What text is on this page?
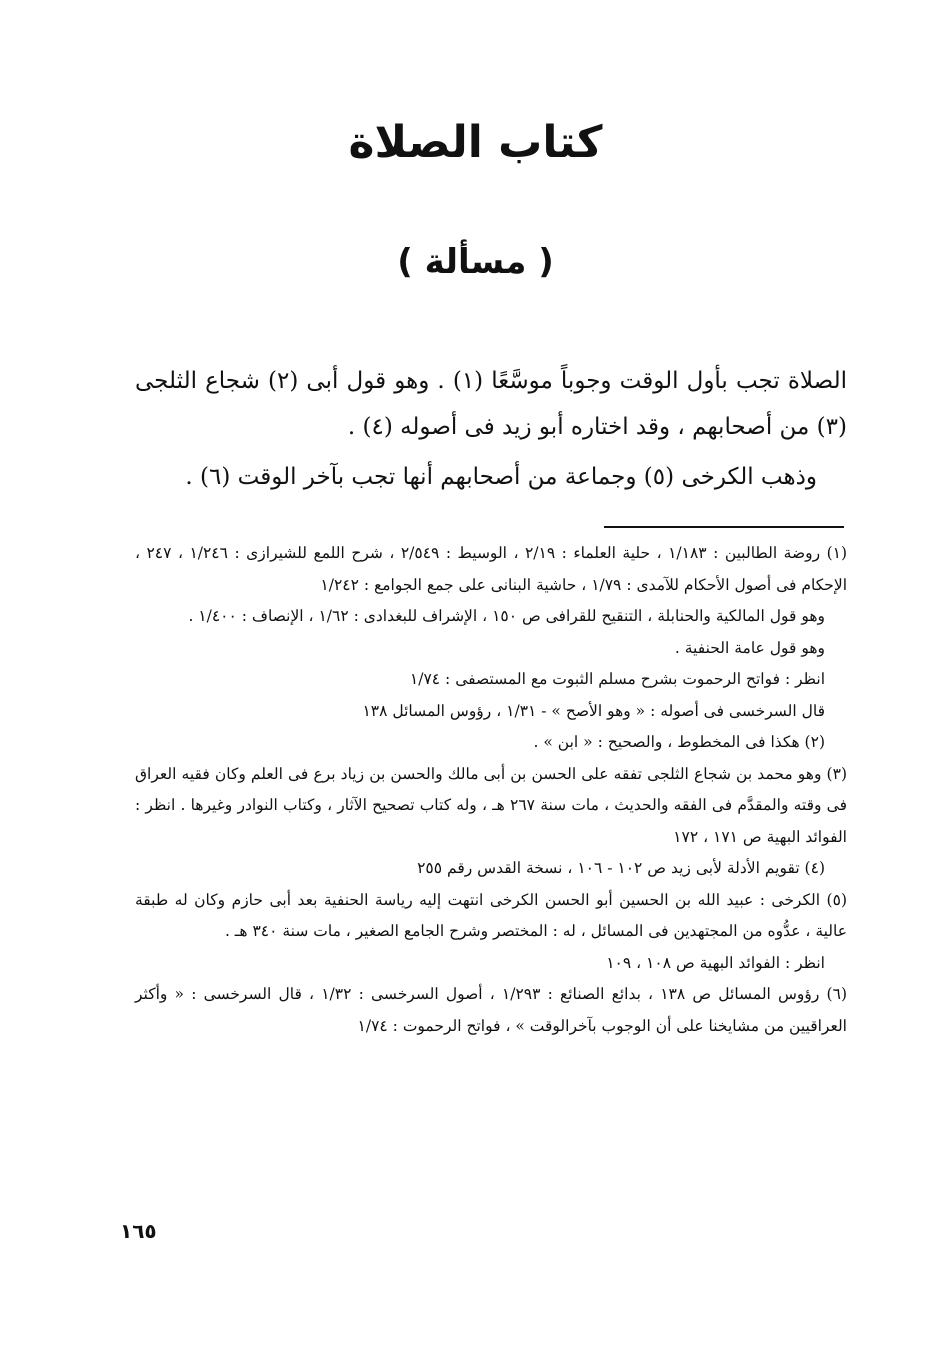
كتاب الصلاة
( مسألة )

الصلاة تجب بأول الوقت وجوباً موسَّعًا (١) . وهو قول أبى (٢) شجاع الثلجى (٣) من أصحابهم ، وقد اختاره أبو زيد فى أصوله (٤) .

وذهب الكرخى (٥) وجماعة من أصحابهم أنها تجب بآخر الوقت (٦) .

(١) روضة الطالبين : ١/١٨٣ ، حلية العلماء : ٢/١٩ ، الوسيط : ٢/٥٤٩ ، شرح اللمع للشيرازى : ١/٢٤٦ ، ٢٤٧ ، الإحكام فى أصول الأحكام للآمدى : ١/٧٩ ، حاشية البنانى على جمع الجوامع : ١/٢٤٢

وهو قول المالكية والحنابلة ، التنقيح للقرافى ص ١٥٠ ، الإشراف للبغدادى : ١/٦٢ ، الإنصاف : ١/٤٠٠ .

وهو قول عامة الحنفية .

انظر : فواتح الرحموت بشرح مسلم الثبوت مع المستصفى : ١/٧٤

قال السرخسى فى أصوله : « وهو الأصح » - ١/٣١ ، رؤوس المسائل ١٣٨

(٢) هكذا فى المخطوط ، والصحيح : « ابن » .

(٣) وهو محمد بن شجاع الثلجى تفقه على الحسن بن أبى مالك والحسن بن زياد برع فى العلم وكان فقيه العراق فى وقته والمقدَّم فى الفقه والحديث ، مات سنة ٢٦٧ هـ ، وله كتاب تصحيح الآثار ، وكتاب النوادر وغيرها . انظر : الفوائد البهية ص ١٧١ ، ١٧٢

(٤) تقويم الأدلة لأبى زيد ص ١٠٢ - ١٠٦ ، نسخة القدس رقم ٢٥٥

(٥) الكرخى : عبيد الله بن الحسين أبو الحسن الكرخى انتهت إليه رياسة الحنفية بعد أبى حازم وكان له طبقة عالية ، عدُّوه من المجتهدين فى المسائل ، له : المختصر وشرح الجامع الصغير ، مات سنة ٣٤٠ هـ .

انظر : الفوائد البهية ص ١٠٨ ، ١٠٩

(٦) رؤوس المسائل ص ١٣٨ ، بدائع الصنائع : ١/٢٩٣ ، أصول السرخسى : ١/٣٢ ، قال السرخسى : « وأكثر العراقيين من مشايخنا على أن الوجوب بآخرالوقت » ، فواتح الرحموت : ١/٧٤

١٦٥
